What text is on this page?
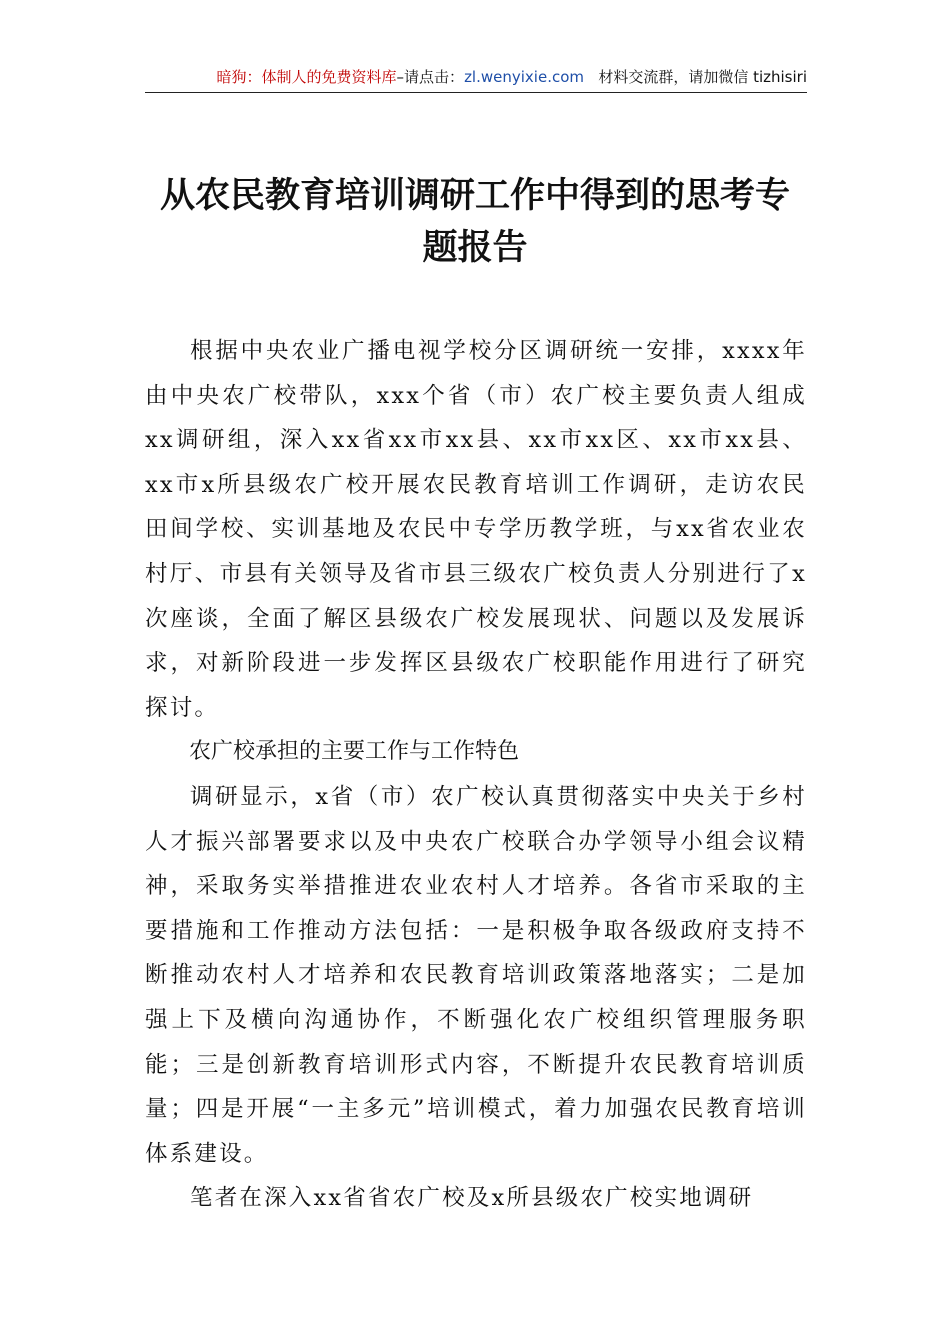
暗狗：体制人的免费资料库–请点击：zl.wenyixie.com 材料交流群，请加微信 tizhisiri
从农民教育培训调研工作中得到的思考专
题报告

根据中央农业广播电视学校分区调研统一安排，xxxx年由中央农广校带队，xxx个省（市）农广校主要负责人组成xx调研组，深入xx省xx市xx县、xx市xx区、xx市xx县、xx市x所县级农广校开展农民教育培训工作调研，走访农民田间学校、实训基地及农民中专学历教学班，与xx省农业农村厅、市县有关领导及省市县三级农广校负责人分别进行了x次座谈，全面了解区县级农广校发展现状、问题以及发展诉求，对新阶段进一步发挥区县级农广校职能作用进行了研究探讨。

农广校承担的主要工作与工作特色

调研显示，x省（市）农广校认真贯彻落实中央关于乡村人才振兴部署要求以及中央农广校联合办学领导小组会议精神，采取务实举措推进农业农村人才培养。各省市采取的主要措施和工作推动方法包括：一是积极争取各级政府支持不断推动农村人才培养和农民教育培训政策落地落实；二是加强上下及横向沟通协作，不断强化农广校组织管理服务职能；三是创新教育培训形式内容，不断提升农民教育培训质量；四是开展“一主多元”培训模式，着力加强农民教育培训体系建设。

笔者在深入xx省省农广校及x所县级农广校实地调研
